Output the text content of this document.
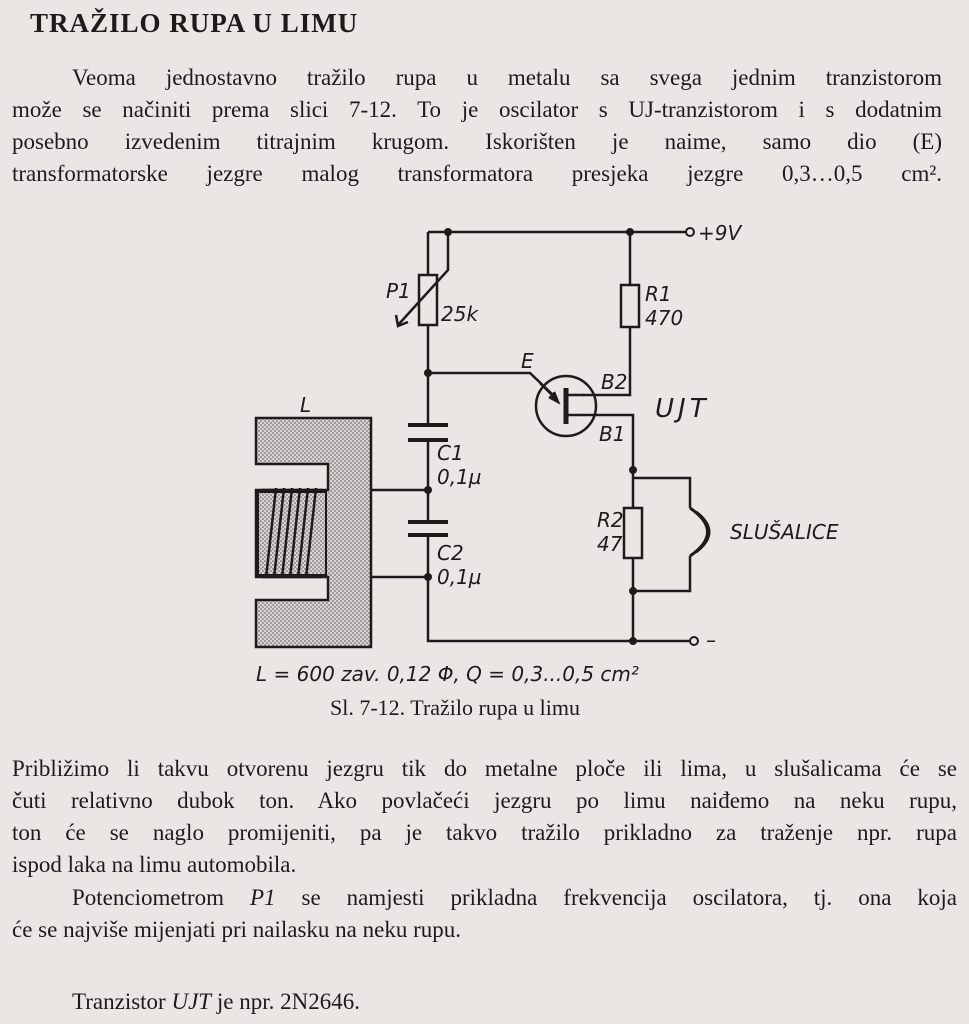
TRAŽILO RUPA U LIMU
Veoma jednostavno tražilo rupa u metalu sa svega jednim tranzistorom
može se načiniti prema slici 7-12. To je oscilator s UJ-tranzistorom i s dodatnim
posebno izvedenim titrajnim krugom. Iskorišten je naime, samo dio (E)
transformatorske jezgre malog transformatora presjeka jezgre 0,3…0,5 cm².
+9V
–
P1
25k
R1
470
R2
47
C1
0,1µ
C2
0,1µ
E
B2
B1
UJT
L
SLUŠALICE
L = 600 zav. 0,12 Φ, Q = 0,3...0,5 cm²
Sl. 7-12. Tražilo rupa u limu
Približimo li takvu otvorenu jezgru tik do metalne ploče ili lima, u slušalicama će se
čuti relativno dubok ton. Ako povlačeći jezgru po limu naiđemo na neku rupu,
ton će se naglo promijeniti, pa je takvo tražilo prikladno za traženje npr. rupa
ispod laka na limu automobila.
Potenciometrom P1 se namjesti prikladna frekvencija oscilatora, tj. ona koja
će se najviše mijenjati pri nailasku na neku rupu.
Tranzistor UJT je npr. 2N2646.
